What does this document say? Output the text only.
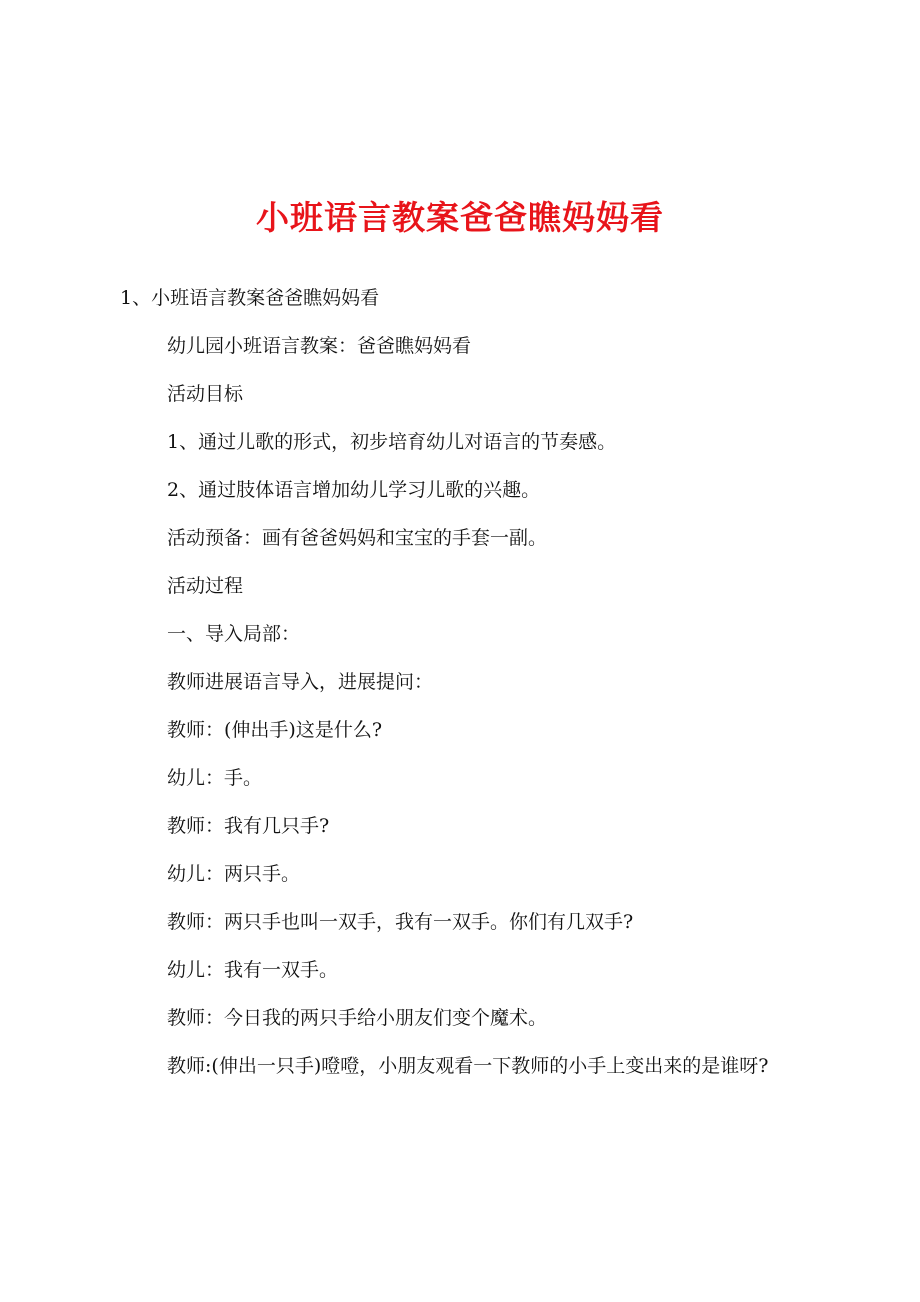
小班语言教案爸爸瞧妈妈看
1、小班语言教案爸爸瞧妈妈看

幼儿园小班语言教案：爸爸瞧妈妈看

活动目标

1、通过儿歌的形式，初步培育幼儿对语言的节奏感。

2、通过肢体语言增加幼儿学习儿歌的兴趣。

活动预备：画有爸爸妈妈和宝宝的手套一副。

活动过程

一、导入局部：

教师进展语言导入，进展提问：

教师：(伸出手)这是什么?

幼儿：手。

教师：我有几只手?

幼儿：两只手。

教师：两只手也叫一双手，我有一双手。你们有几双手?

幼儿：我有一双手。

教师：今日我的两只手给小朋友们变个魔术。

教师:(伸出一只手)噔噔，小朋友观看一下教师的小手上变出来的是谁呀?
